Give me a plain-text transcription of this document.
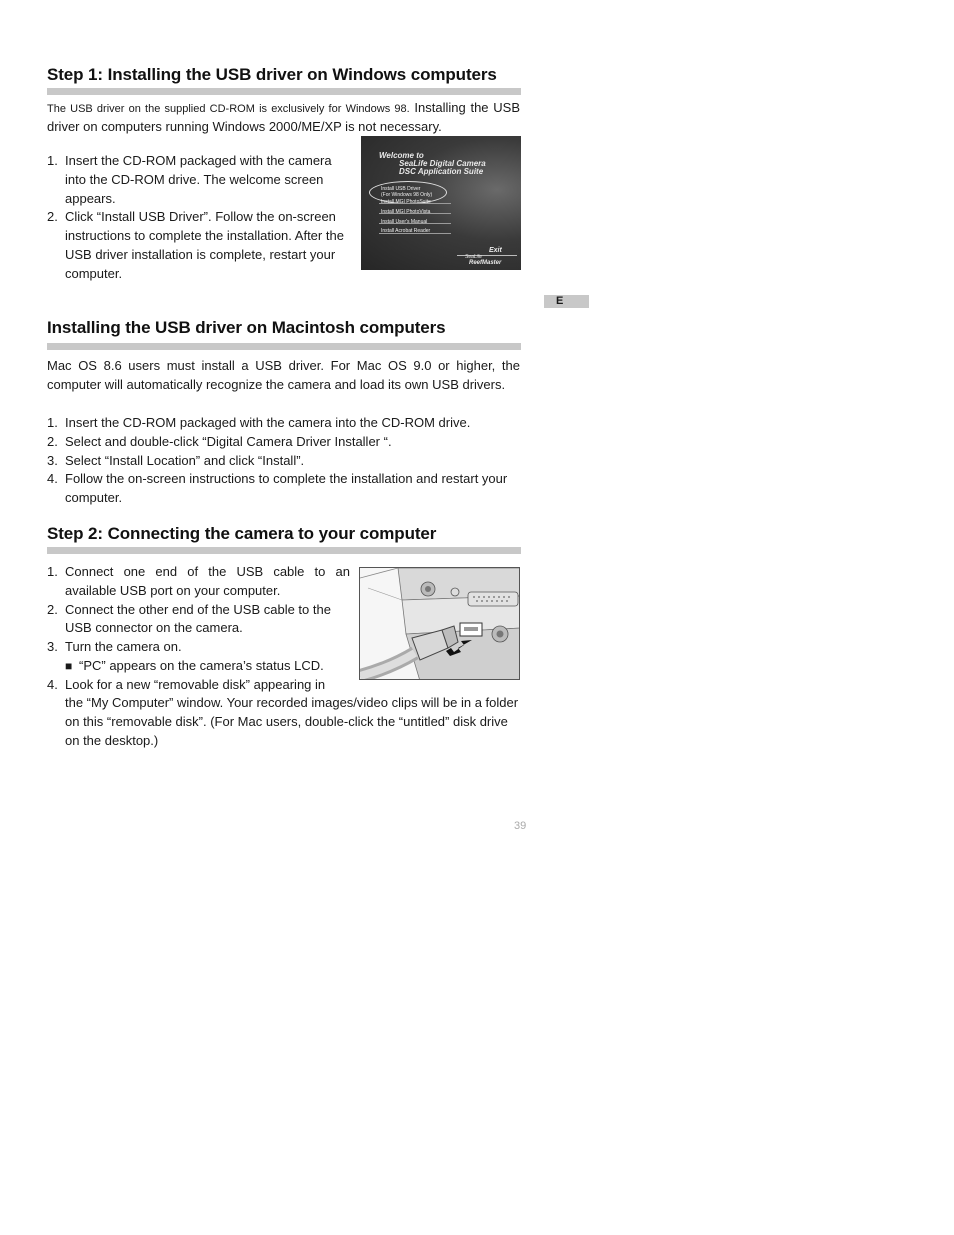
Step 1: Installing the USB driver on Windows computers
The USB driver on the supplied CD-ROM is exclusively for Windows 98. Installing the USB driver on computers running Windows 2000/ME/XP is not necessary.
1. Insert the CD-ROM packaged with the camera into the CD-ROM drive. The welcome screen appears.
2. Click “Install USB Driver”. Follow the on-screen instructions to complete the installation. After the USB driver installation is complete, restart your computer.
Welcome to
SeaLife Digital Camera
DSC Application Suite
Install USB Driver
(For Windows 98 Only)
Install MGI PhotoSuite
Install MGI PhotoVista
Install User's Manual
Install Acrobat Reader
Exit
SeaLife
ReefMaster
E
Installing the USB driver on Macintosh computers
Mac OS 8.6 users must install a USB driver. For Mac OS 9.0 or higher, the computer will automatically recognize the camera and load its own USB drivers.
1. Insert the CD-ROM packaged with the camera into the CD-ROM drive.
2. Select and double-click “Digital Camera Driver Installer “.
3. Select “Install Location” and click “Install”.
4. Follow the on-screen instructions to complete the installation and restart your computer.
Step 2: Connecting the camera to your computer
1. Connect one end of the USB cable to an available USB port on your computer.
2. Connect the other end of the USB cable to the USB connector on the camera.
3. Turn the camera on.
■ “PC” appears on the camera’s status LCD.
4. Look for a new “removable disk” appearing in
the “My Computer” window. Your recorded images/video clips will be in a folder on this “removable disk”. (For Mac users, double-click the “untitled” disk drive on the desktop.)
39
